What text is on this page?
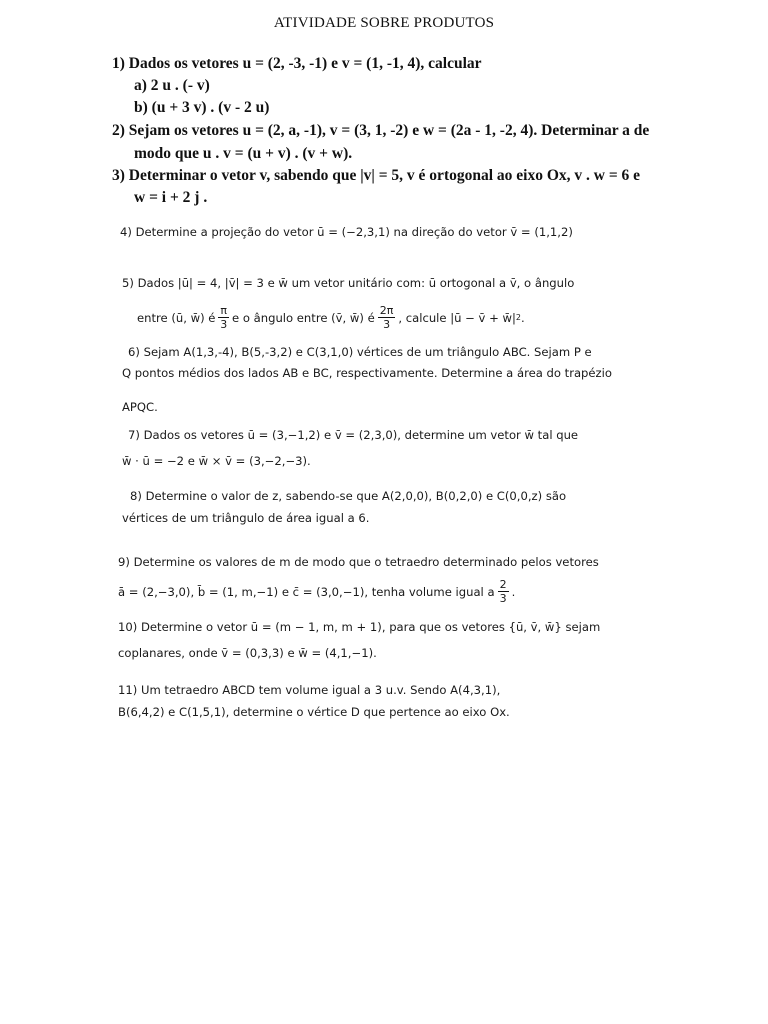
ATIVIDADE SOBRE PRODUTOS
1) Dados os vetores u = (2, -3, -1) e v = (1, -1, 4), calcular
a) 2 u . (- v)
b) (u + 3 v) . (v - 2 u)
2) Sejam os vetores u = (2, a, -1), v = (3, 1, -2) e w = (2a - 1, -2, 4). Determinar a de
modo que u . v = (u + v) . (v + w).
3) Determinar o vetor v, sabendo que |v| = 5, v é ortogonal ao eixo Ox, v . w = 6 e
w = i + 2 j .
4) Determine a projeção do vetor ū = (−2,3,1) na direção do vetor v̄ = (1,1,2)
5) Dados |ū| = 4, |v̄| = 3 e w̄ um vetor unitário com: ū ortogonal a v̄, o ângulo
entre (ū, w̄) é $\frac{\pi}{3}$ e o ângulo entre (v̄, w̄) é $\frac{2\pi}{3}$ , calcule |ū − v̄ + w̄| 2 .
6) Sejam A(1,3,-4), B(5,-3,2) e C(3,1,0) vértices de um triângulo ABC. Sejam P e
Q pontos médios dos lados AB e BC, respectivamente. Determine a área do trapézio
APQC.
7) Dados os vetores ū = (3,−1,2) e v̄ = (2,3,0), determine um vetor w̄ tal que
w̄ · ū = −2 e w̄ × v̄ = (3,−2,−3).
8) Determine o valor de z, sabendo-se que A(2,0,0), B(0,2,0) e C(0,0,z) são
vértices de um triângulo de área igual a 6.
9) Determine os valores de m de modo que o tetraedro determinado pelos vetores
ā = (2,−3,0), b̄ = (1, m,−1) e c̄ = (3,0,−1), tenha volume igual a $\frac{2}{3}$ .
10) Determine o vetor ū = (m − 1, m, m + 1), para que os vetores {ū, v̄, w̄} sejam
coplanares, onde v̄ = (0,3,3) e w̄ = (4,1,−1).
11) Um tetraedro ABCD tem volume igual a 3 u.v. Sendo A(4,3,1),
B(6,4,2) e C(1,5,1), determine o vértice D que pertence ao eixo Ox.
